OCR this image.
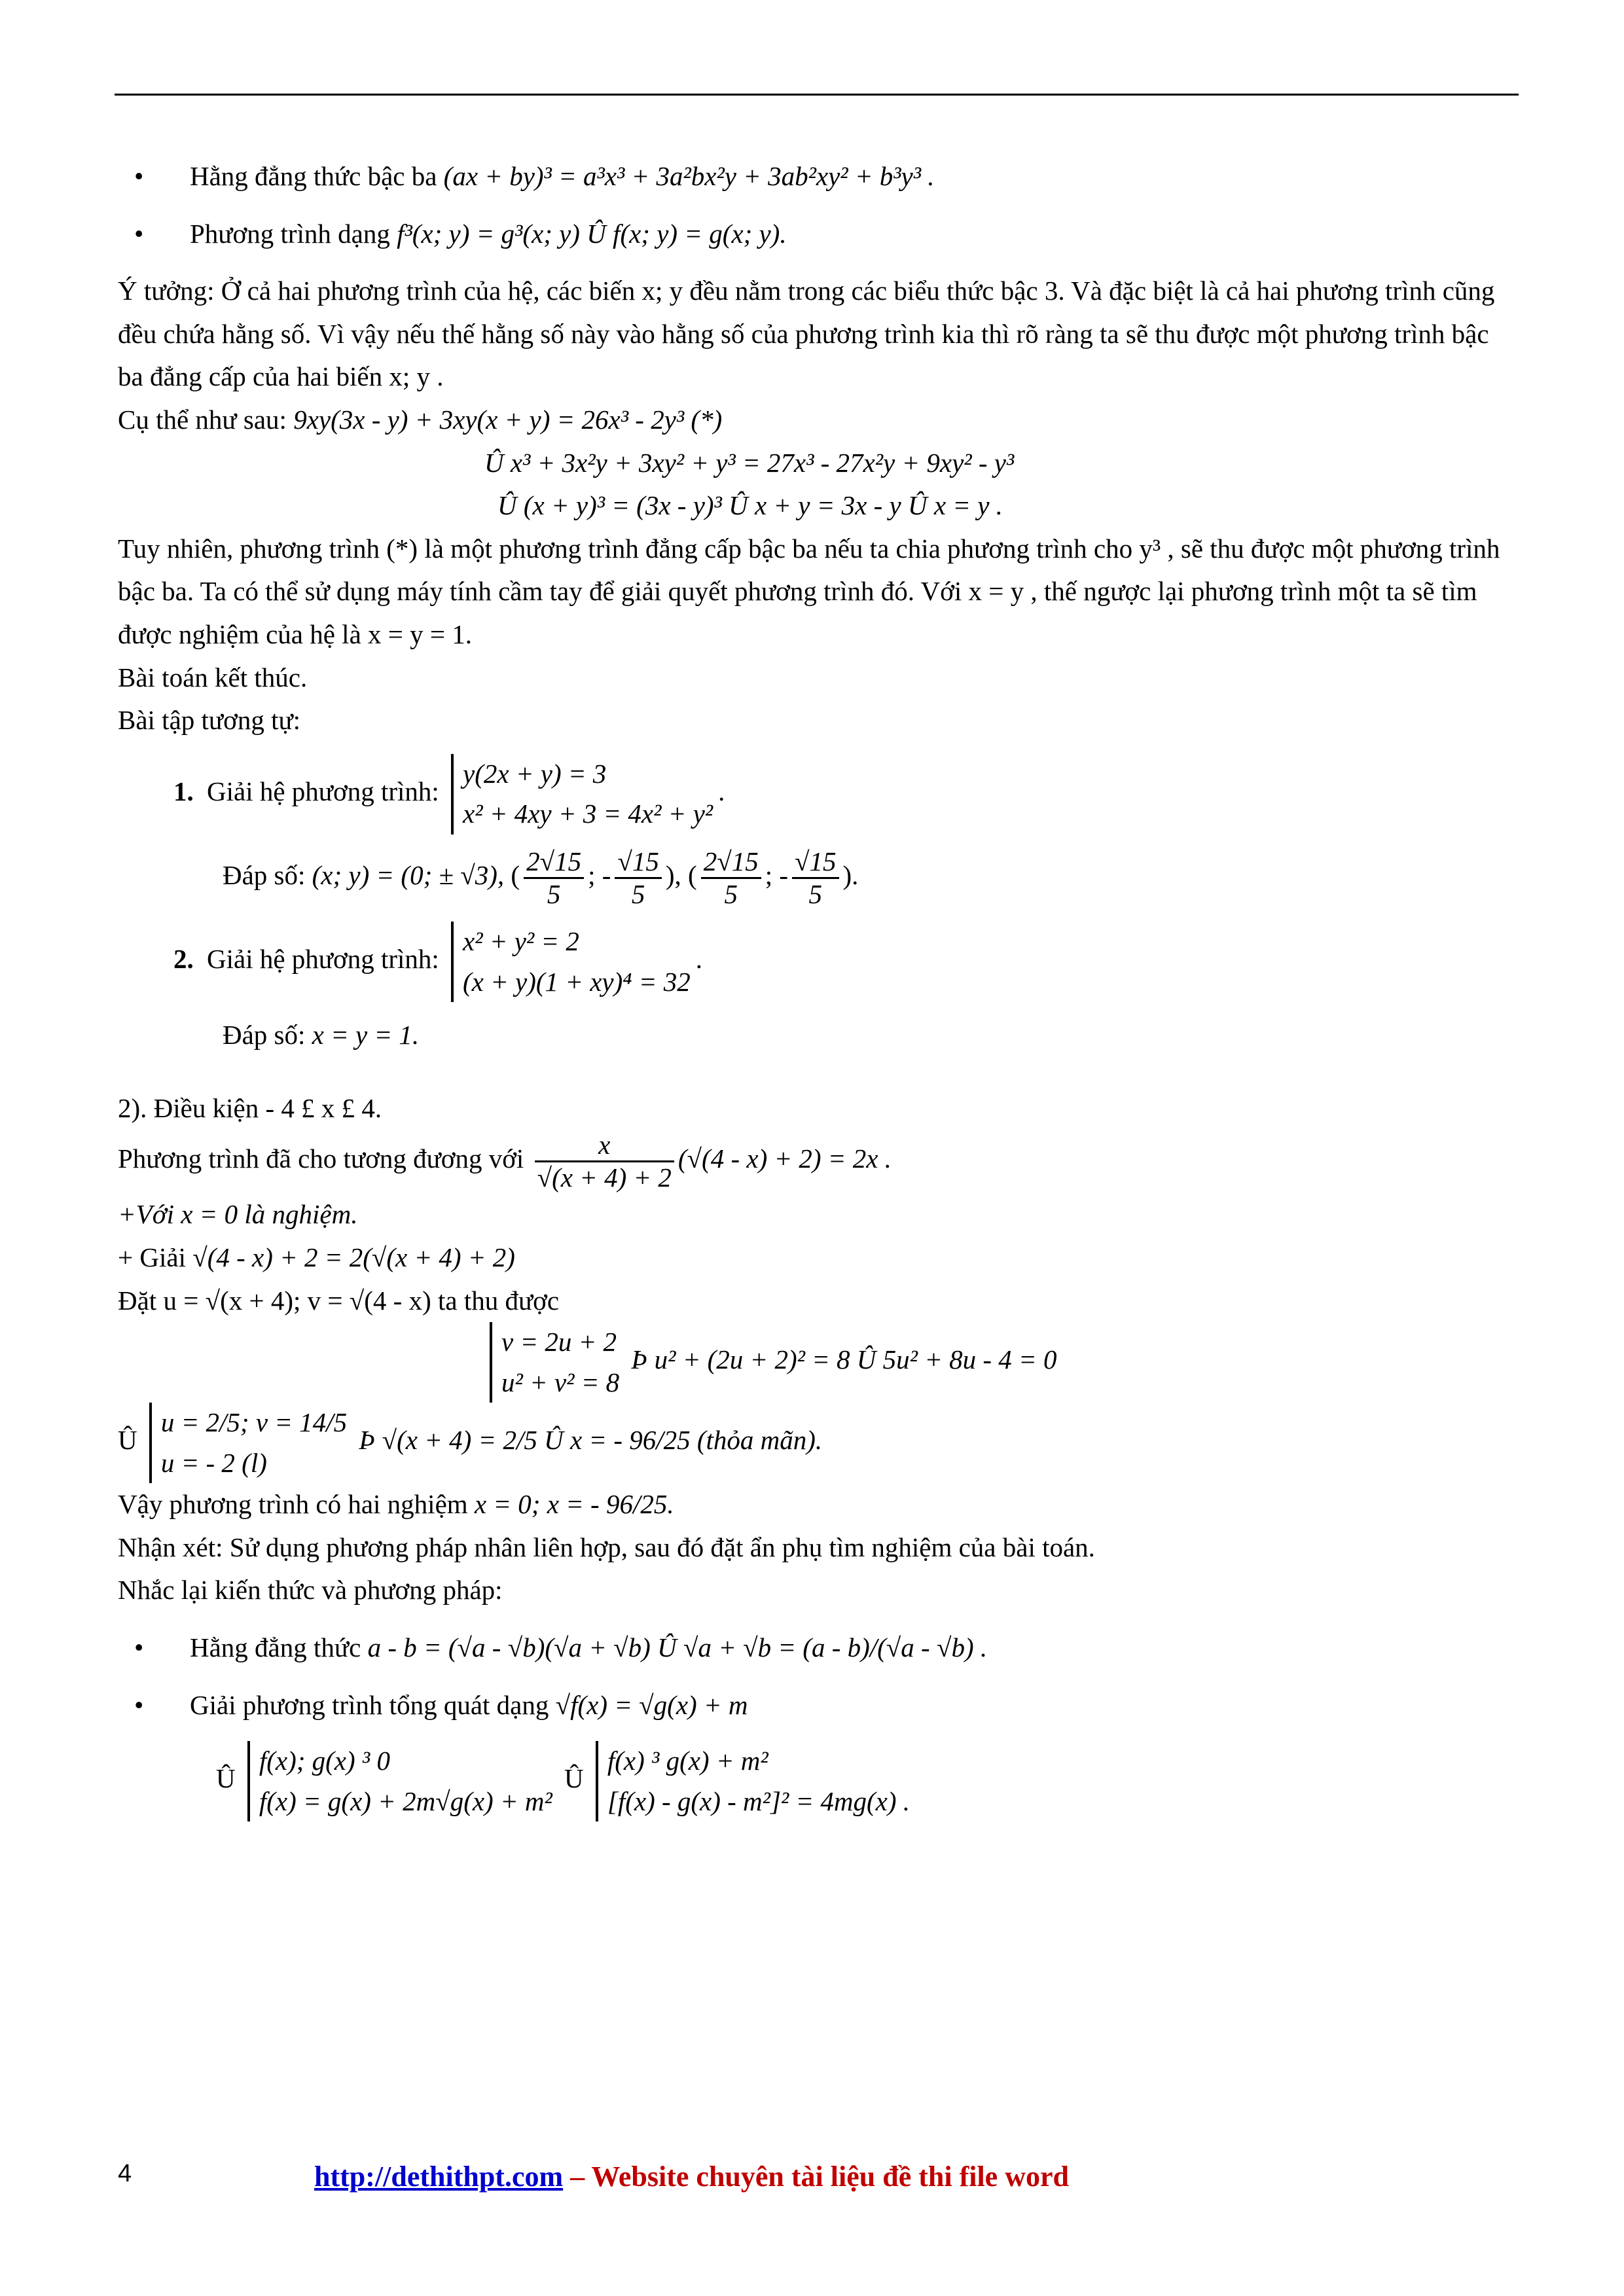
• Hằng đẳng thức bậc ba (ax + by)³ = a³x³ + 3a²bx²y + 3ab²xy² + b³y³ .

• Phương trình dạng f³(x; y) = g³(x; y) Û f(x; y) = g(x; y).

Ý tưởng: Ở cả hai phương trình của hệ, các biến x; y đều nằm trong các biểu thức bậc 3. Và đặc biệt là cả hai phương trình cũng đều chứa hằng số. Vì vậy nếu thế hằng số này vào hằng số của phương trình kia thì rõ ràng ta sẽ thu được một phương trình bậc ba đẳng cấp của hai biến x; y .

Cụ thể như sau: 9xy(3x - y) + 3xy(x + y) = 26x³ - 2y³ (*)

Û x³ + 3x²y + 3xy² + y³ = 27x³ - 27x²y + 9xy² - y³

Û (x + y)³ = (3x - y)³ Û x + y = 3x - y Û x = y .

Tuy nhiên, phương trình (*) là một phương trình đẳng cấp bậc ba nếu ta chia phương trình cho y³ , sẽ thu được một phương trình bậc ba. Ta có thể sử dụng máy tính cầm tay để giải quyết phương trình đó. Với x = y , thế ngược lại phương trình một ta sẽ tìm được nghiệm của hệ là x = y = 1.

Bài toán kết thúc.

Bài tập tương tự:

1. Giải hệ phương trình: y(2x + y) = 3
x² + 4xy + 3 = 4x² + y².
Đáp số: (x; y) = (0; ± √3), ( $\frac{2√15}{5}$ ; - $\frac{√15}{5}$ ), ( $\frac{2√15}{5}$ ; - $\frac{√15}{5}$ ).
2. Giải hệ phương trình: x² + y² = 2
(x + y)(1 + xy)⁴ = 32.
Đáp số: x = y = 1.

2). Điều kiện - 4 £ x £ 4.

Phương trình đã cho tương đương với $\frac{x}{√(x + 4) + 2} (√(4 - x) + 2) = 2x$ .

+Với x = 0 là nghiệm.

+ Giải √(4 - x) + 2 = 2(√(x + 4) + 2)

Đặt u = √(x + 4); v = √(4 - x) ta thu được

v = 2u + 2
u² + v² = 8 Þ u² + (2u + 2)² = 8 Û 5u² + 8u - 4 = 0

Û u = 2/5; v = 14/5
u = - 2 (l) Þ √(x + 4) = 2/5 Û x = - 96/25 (thỏa mãn).

Vậy phương trình có hai nghiệm x = 0; x = - 96/25.

Nhận xét: Sử dụng phương pháp nhân liên hợp, sau đó đặt ẩn phụ tìm nghiệm của bài toán.

Nhắc lại kiến thức và phương pháp:

• Hằng đẳng thức a - b = (√a - √b)(√a + √b) Û √a + √b = (a - b)/(√a - √b) .

• Giải phương trình tổng quát dạng √f(x) = √g(x) + m

Û f(x); g(x) ³ 0
f(x) = g(x) + 2m√g(x) + m² Û f(x) ³ g(x) + m²
[f(x) - g(x) - m²]² = 4mg(x) .

4	http://dethithpt.com – Website chuyên tài liệu đề thi file word
